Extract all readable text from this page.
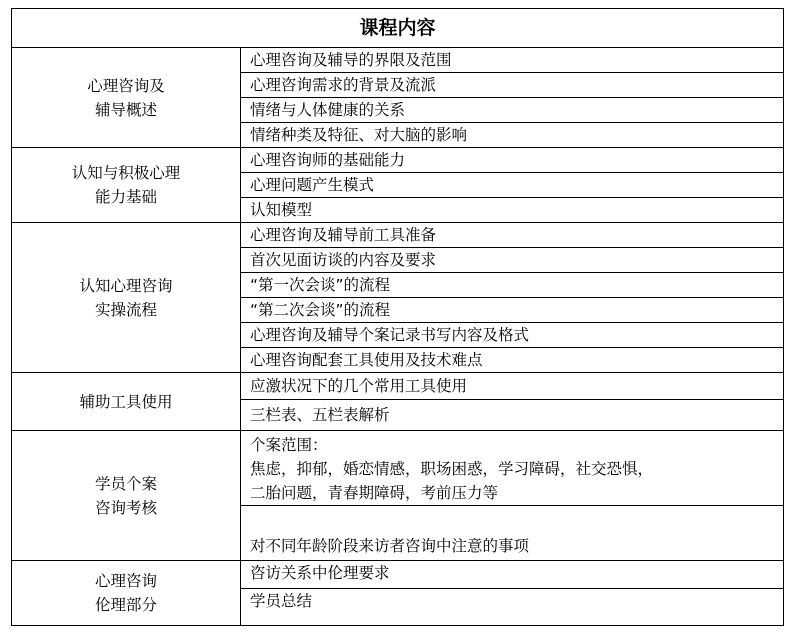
课程内容	

心理咨询及
辅导概述	心理咨询及辅导的界限及范围
	心理咨询需求的背景及流派
	情绪与人体健康的关系
	情绪种类及特征、对大脑的影响

认知与积极心理
能力基础	心理咨询师的基础能力
	心理问题产生模式
	认知模型

认知心理咨询
实操流程	心理咨询及辅导前工具准备
	首次见面访谈的内容及要求
	“第一次会谈”的流程
	“第二次会谈”的流程
	心理咨询及辅导个案记录书写内容及格式
	心理咨询配套工具使用及技术难点

辅助工具使用	应激状况下的几个常用工具使用
	三栏表、五栏表解析

学员个案
咨询考核	个案范围：
焦虑，抑郁，婚恋情感，职场困惑，学习障碍，社交恐惧，
二胎问题，青春期障碍，考前压力等

	对不同年龄阶段来访者咨询中注意的事项

心理咨询
伦理部分	咨访关系中伦理要求
	学员总结
